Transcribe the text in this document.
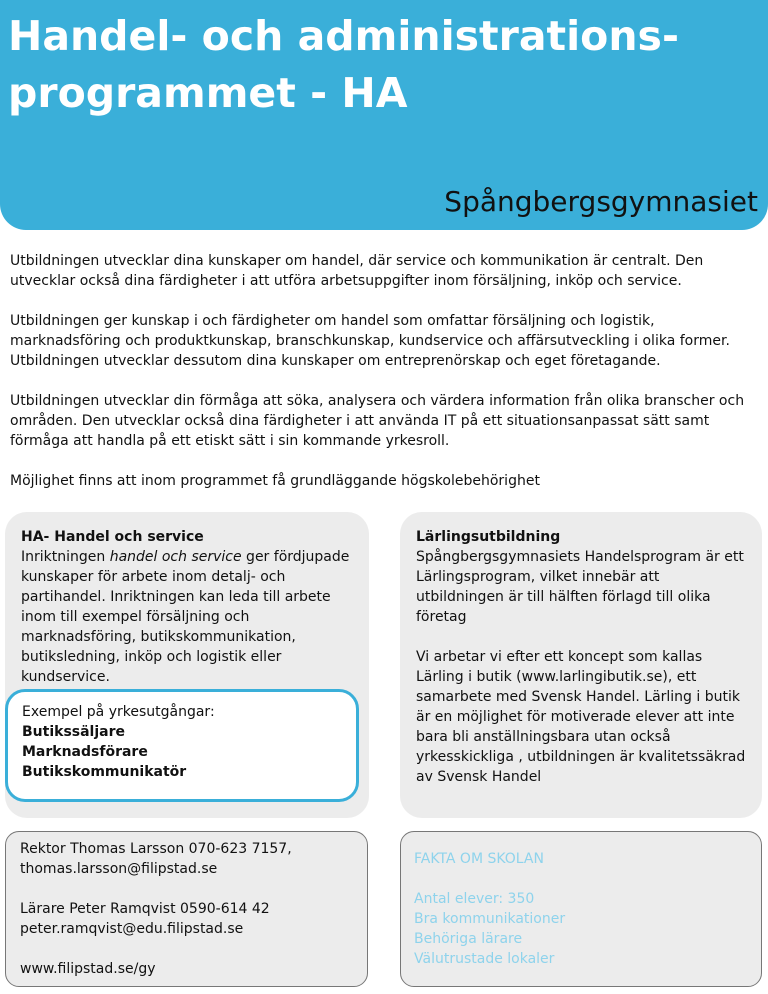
Handel- och administrations-
programmet - HA
Spångbergsgymnasiet

Utbildningen utvecklar dina kunskaper om handel, där service och kommunikation är centralt. Den utvecklar också dina färdigheter i att utföra arbetsuppgifter inom försäljning, inköp och service.

Utbildningen ger kunskap i och färdigheter om handel som omfattar försäljning och logistik, marknadsföring och produktkunskap, branschkunskap, kundservice och affärsutveckling i olika former. Utbildningen utvecklar dessutom dina kunskaper om entreprenörskap och eget företagande.

Utbildningen utvecklar din förmåga att söka, analysera och värdera information från olika branscher och områden. Den utvecklar också dina färdigheter i att använda IT på ett situationsanpassat sätt samt förmåga att handla på ett etiskt sätt i sin kommande yrkesroll.

Möjlighet finns att inom programmet få grundläggande högskolebehörighet

HA- Handel och service
Inriktningen handel och service ger fördjupade kunskaper för arbete inom detalj- och partihandel. Inriktningen kan leda till arbete inom till exempel försäljning och marknadsföring, butikskommunikation, butiksledning, inköp och logistik eller kundservice.
Exempel på yrkesutgångar:
Butikssäljare
Marknadsförare
Butikskommunikatör
Lärlingsutbildning
Spångbergsgymnasiets Handelsprogram är ett Lärlingsprogram, vilket innebär att utbildningen är till hälften förlagd till olika företag
Vi arbetar vi efter ett koncept som kallas Lärling i butik (www.larlingibutik.se), ett samarbete med Svensk Handel. Lärling i butik är en möjlighet för motiverade elever att inte bara bli anställningsbara utan också yrkesskickliga , utbildningen är kvalitetssäkrad av Svensk Handel
Rektor Thomas Larsson 070-623 7157,
thomas.larsson@filipstad.se
Lärare Peter Ramqvist 0590-614 42
peter.ramqvist@edu.filipstad.se
www.filipstad.se/gy
FAKTA OM SKOLAN
Antal elever: 350
Bra kommunikationer
Behöriga lärare
Välutrustade lokaler
